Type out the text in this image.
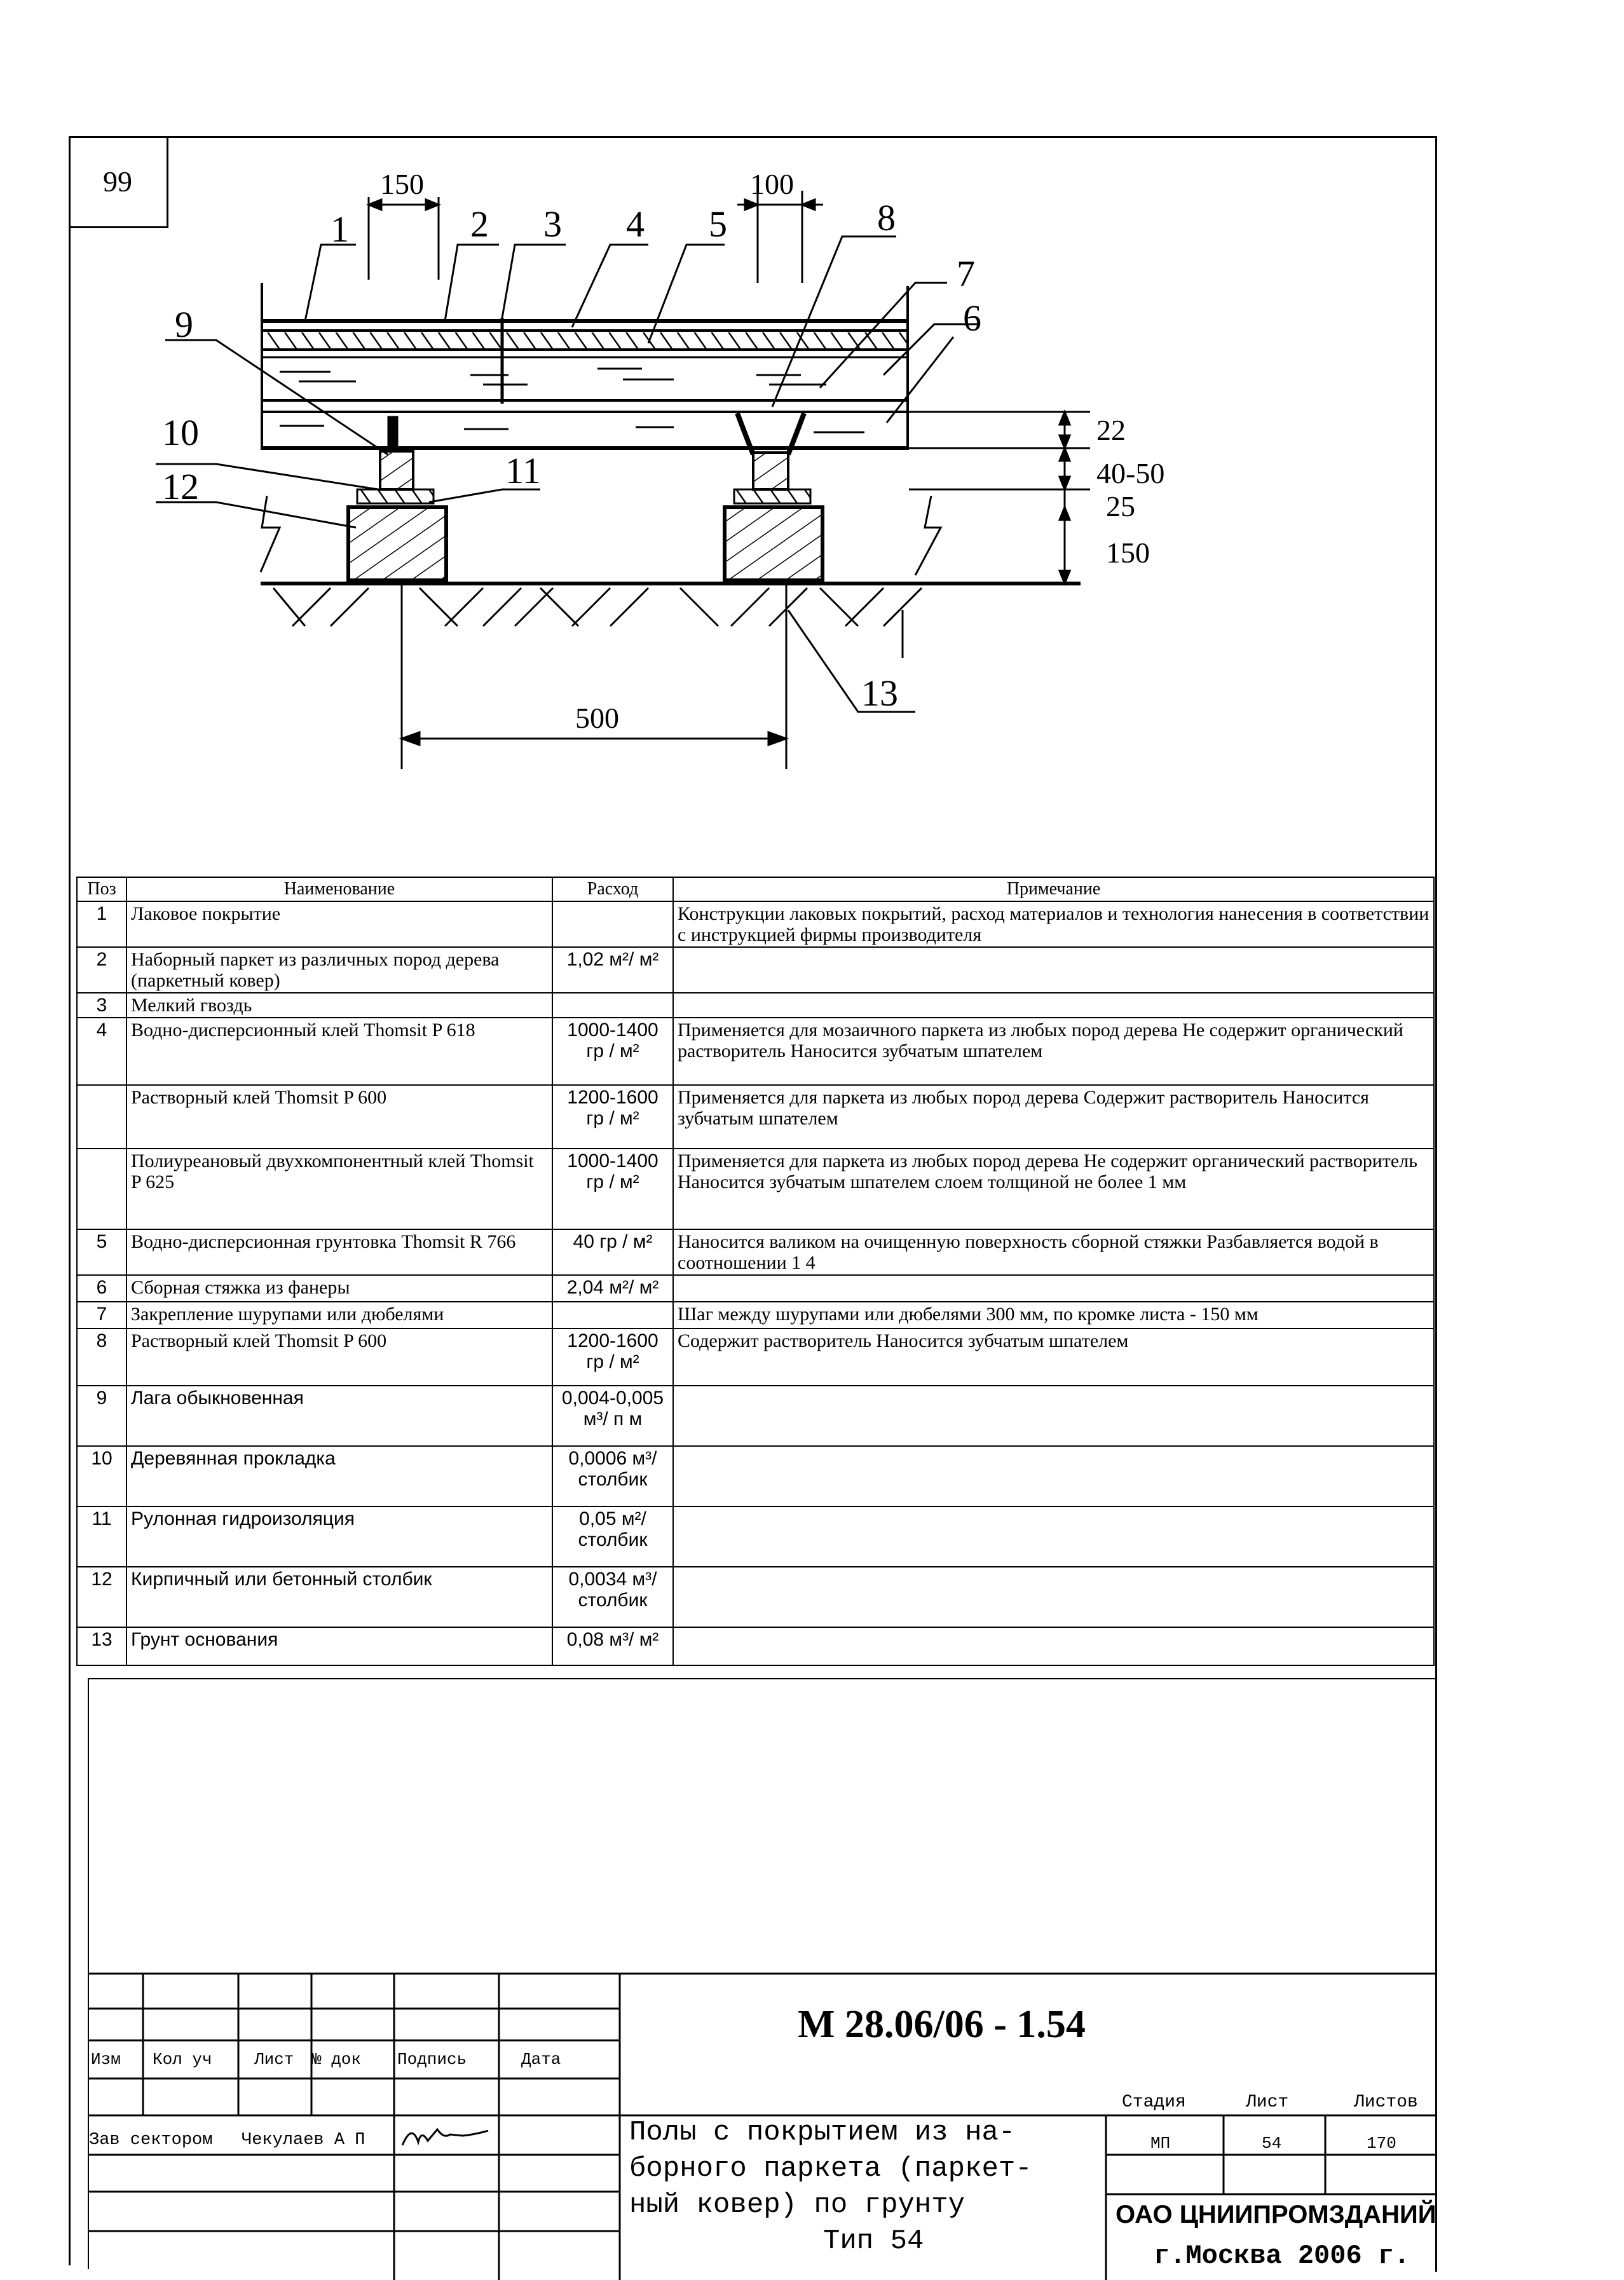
99	150	100
22
40-50
25
150
500
1	2 3 4 5	8
7
6
9
10
11
12
13
Поз	Наименование	Расход	Примечание
1	Лаковое покрытие		Конструкции лаковых покрытий, расход материалов и технология нанесения в соответствии с инструкцией фирмы производителя
2	Наборный паркет из различных пород дерева (паркетный ковер)	1,02 м²/ м²	
3	Мелкий гвоздь		
4	Водно-дисперсионный клей Thomsit P 618	1000-1400 гр / м²	Применяется для мозаичного паркета из любых пород дерева Не содержит органический растворитель Наносится зубчатым шпателем
	Растворный клей Thomsit P 600	1200-1600 гр / м²	Применяется для паркета из любых пород дерева Содержит растворитель Наносится зубчатым шпателем
	Полиуреановый двухкомпонентный клей Thomsit P 625	1000-1400 гр / м²	Применяется для паркета из любых пород дерева Не содержит органический растворитель Наносится зубчатым шпателем слоем толщиной не более 1 мм
5	Водно-дисперсионная грунтовка Thomsit R 766	40 гр / м²	Наносится валиком на очищенную поверхность сборной стяжки Разбавляется водой в соотношении 1 4
6	Сборная стяжка из фанеры	2,04 м²/ м²	
7	Закрепление шурупами или дюбелями		Шаг между шурупами или дюбелями 300 мм, по кромке листа - 150 мм
8	Растворный клей Thomsit P 600	1200-1600 гр / м²	Содержит растворитель Наносится зубчатым шпателем
9	Лага обыкновенная	0,004-0,005 м³/ п м	
10	Деревянная прокладка	0,0006 м³/ столбик	
11	Рулонная гидроизоляция	0,05 м²/ столбик	
12	Кирпичный или бетонный столбик	0,0034 м³/ столбик	
13	Грунт основания	0,08 м³/ м²	
М 28.06/06 - 1.54
Изм Кол уч	Лист № док Подпись	Дата
Зав сектором Чекулаев А П	Полы с покрытием из на-
борного паркета (паркет-
ный ковер) по грунту
Тип 54
Стадия	Лист	Листов
МП	54	170
ОАО ЦНИИПРОМЗДАНИЙ
г.Москва 2006 г.
